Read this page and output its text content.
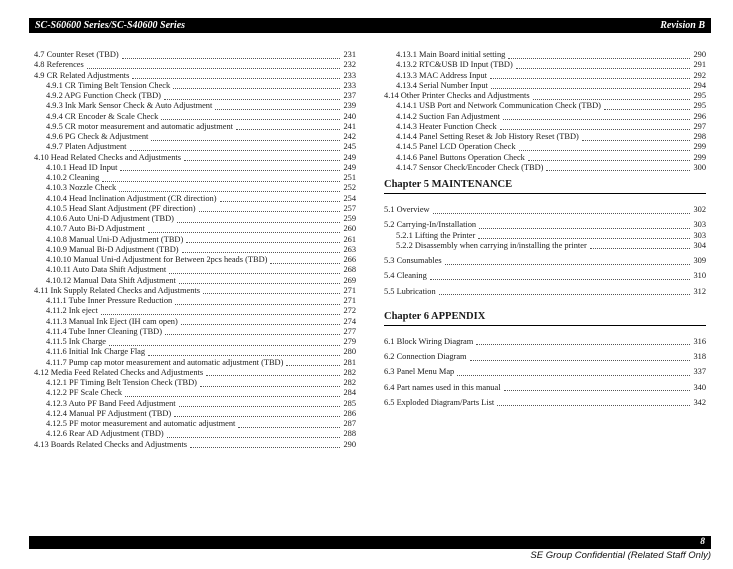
SC-S60600 Series/SC-S40600 Series	Revision B
4.7 Counter Reset (TBD)	231
4.8 References	232
4.9 CR Related Adjustments	233
4.9.1 CR Timing Belt Tension Check	233
4.9.2 APG Function Check (TBD)	237
4.9.3 Ink Mark Sensor Check & Auto Adjustment	239
4.9.4 CR Encoder & Scale Check	240
4.9.5 CR motor measurement and automatic adjustment	241
4.9.6 PG Check & Adjustment	242
4.9.7 Platen Adjustment	245
4.10 Head Related Checks and Adjustments	249
4.10.1 Head ID Input	249
4.10.2 Cleaning	251
4.10.3 Nozzle Check	252
4.10.4 Head Inclination Adjustment (CR direction)	254
4.10.5 Head Slant Adjustment (PF direction)	257
4.10.6 Auto Uni-D Adjustment (TBD)	259
4.10.7 Auto Bi-D Adjustment	260
4.10.8 Manual Uni-D Adjustment (TBD)	261
4.10.9 Manual Bi-D Adjustment (TBD)	263
4.10.10 Manual Uni-d Adjustment for Between 2pcs heads (TBD)	266
4.10.11 Auto Data Shift Adjustment	268
4.10.12 Manual Data Shift Adjustment	269
4.11 Ink Supply Related Checks and Adjustments	271
4.11.1 Tube Inner Pressure Reduction	271
4.11.2 Ink eject	272
4.11.3 Manual Ink Eject (IH cam open)	274
4.11.4 Tube Inner Cleaning (TBD)	277
4.11.5 Ink Charge	279
4.11.6 Initial Ink Charge Flag	280
4.11.7 Pump cap motor measurement and automatic adjustment (TBD)	281
4.12 Media Feed Related Checks and Adjustments	282
4.12.1 PF Timing Belt Tension Check (TBD)	282
4.12.2 PF Scale Check	284
4.12.3 Auto PF Band Feed Adjustment	285
4.12.4 Manual PF Adjustment (TBD)	286
4.12.5 PF motor measurement and automatic adjustment	287
4.12.6 Rear AD Adjustment (TBD)	288
4.13 Boards Related Checks and Adjustments	290
4.13.1 Main Board initial setting	290
4.13.2 RTC&USB ID Input (TBD)	291
4.13.3 MAC Address Input	292
4.13.4 Serial Number Input	294
4.14 Other Printer Checks and Adjustments	295
4.14.1 USB Port and Network Communication Check (TBD)	295
4.14.2 Suction Fan Adjustment	296
4.14.3 Heater Function Check	297
4.14.4 Panel Setting Reset & Job History Reset (TBD)	298
4.14.5 Panel LCD Operation Check	299
4.14.6 Panel Buttons Operation Check	299
4.14.7 Sensor Check/Encoder Check (TBD)	300
Chapter 5 MAINTENANCE
5.1 Overview	302
5.2 Carrying-In/Installation	303
5.2.1 Lifting the Printer	303
5.2.2 Disassembly when carrying in/installing the printer	304
5.3 Consumables	309
5.4 Cleaning	310
5.5 Lubrication	312
Chapter 6 APPENDIX
6.1 Block Wiring Diagram	316
6.2 Connection Diagram	318
6.3 Panel Menu Map	337
6.4 Part names used in this manual	340
6.5 Exploded Diagram/Parts List	342
8
SE Group Confidential (Related Staff Only)
